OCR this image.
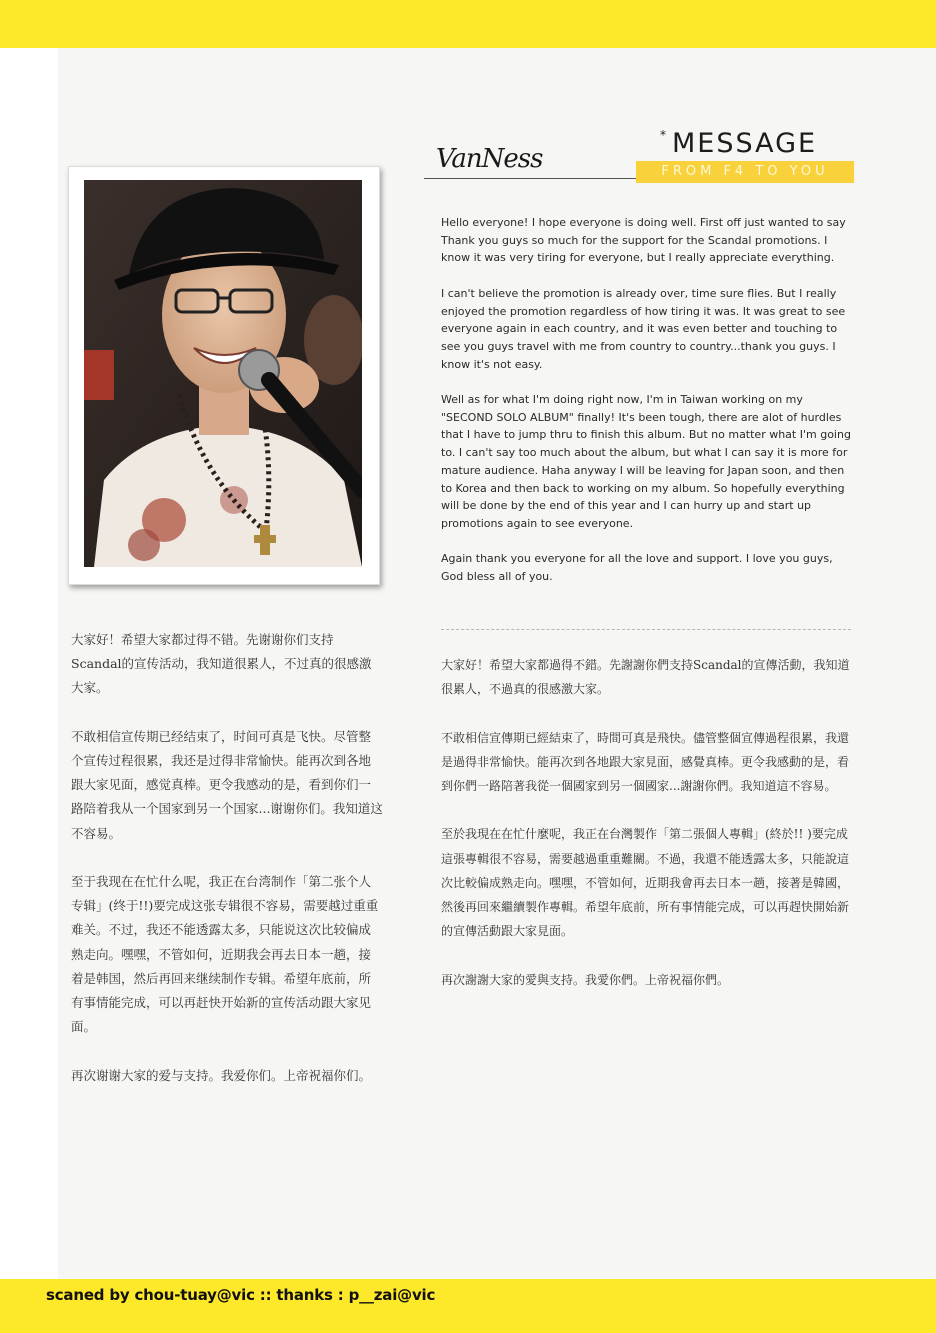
VanNess
* MESSAGE
FROM F4 TO YOU

Hello everyone! I hope everyone is doing well. First off just wanted to say Thank you guys so much for the support for the Scandal promotions. I know it was very tiring for everyone, but I really appreciate everything.

I can't believe the promotion is already over, time sure flies. But I really enjoyed the promotion regardless of how tiring it was. It was great to see everyone again in each country, and it was even better and touching to see you guys travel with me from country to country...thank you guys. I know it's not easy.

Well as for what I'm doing right now, I'm in Taiwan working on my "SECOND SOLO ALBUM" finally! It's been tough, there are alot of hurdles that I have to jump thru to finish this album. But no matter what I'm going to. I can't say too much about the album, but what I can say it is more for mature audience. Haha anyway I will be leaving for Japan soon, and then to Korea and then back to working on my album. So hopefully everything will be done by the end of this year and I can hurry up and start up promotions again to see everyone.

Again thank you everyone for all the love and support. I love you guys, God bless all of you.

大家好！希望大家都过得不错。先谢谢你们支持Scandal的宣传活动，我知道很累人，不过真的很感激大家。

不敢相信宣传期已经结束了，时间可真是飞快。尽管整个宣传过程很累，我还是过得非常愉快。能再次到各地跟大家见面，感觉真棒。更令我感动的是，看到你们一路陪着我从一个国家到另一个国家...谢谢你们。我知道这不容易。

至于我现在在忙什么呢，我正在台湾制作「第二张个人专辑」(终于!!)要完成这张专辑很不容易，需要越过重重难关。不过，我还不能透露太多，只能说这次比较偏成熟走向。嘿嘿，不管如何，近期我会再去日本一趟，接着是韩国，然后再回来继续制作专辑。希望年底前，所有事情能完成，可以再赶快开始新的宣传活动跟大家见面。

再次谢谢大家的爱与支持。我爱你们。上帝祝福你们。

大家好！希望大家都過得不錯。先謝謝你們支持Scandal的宣傳活動，我知道很累人，不過真的很感激大家。

不敢相信宣傳期已經結束了，時間可真是飛快。儘管整個宣傳過程很累，我還是過得非常愉快。能再次到各地跟大家見面，感覺真棒。更令我感動的是，看到你們一路陪著我從一個國家到另一個國家...謝謝你們。我知道這不容易。

至於我現在在忙什麼呢，我正在台灣製作「第二張個人專輯」(終於!! )要完成這張專輯很不容易，需要越過重重難關。不過，我還不能透露太多，只能說這次比較偏成熟走向。嘿嘿，不管如何，近期我會再去日本一趟，接著是韓國，然後再回來繼續製作專輯。希望年底前，所有事情能完成，可以再趕快開始新的宣傳活動跟大家見面。

再次謝謝大家的愛與支持。我愛你們。上帝祝福你們。

scaned by chou-tuay@vic :: thanks : p__zai@vic
